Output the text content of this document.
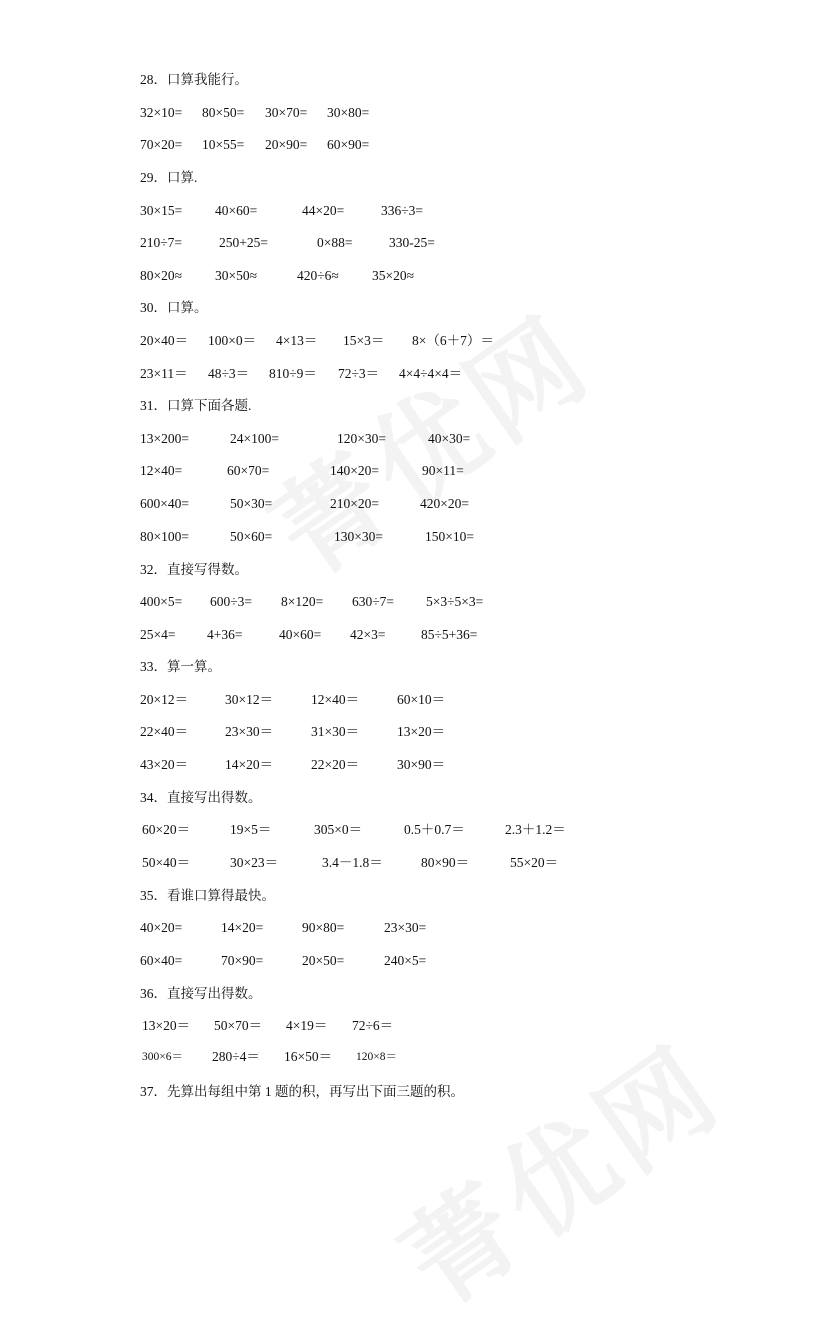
28．口算我能行。
32×10= 80×50= 30×70= 30×80=
70×20= 10×55= 20×90= 60×90=
29．口算.
30×15= 40×60=	44×20=	336÷3=
210÷7=	250+25=	0×88=	330-25=
80×20≈ 30×50≈	420÷6≈ 35×20≈
30．口算。
20×40＝ 100×0＝ 4×13＝ 15×3＝ 8×（6＋7）＝
23×11＝ 48÷3＝ 810÷9＝ 72÷3＝ 4×4÷4×4＝
31．口算下面各题.
13×200=	24×100=	120×30=	40×30=
12×40=	60×70=	140×20=	90×11=
600×40=	50×30=	210×20=	420×20=
80×100=	50×60=	130×30=	150×10=
32．直接写得数。
400×5= 600÷3= 8×120= 630÷7= 5×3÷5×3=
25×4= 4+36=	40×60= 42×3=	85÷5+36=
33．算一算。
20×12＝	30×12＝	12×40＝	60×10＝
22×40＝	23×30＝	31×30＝	13×20＝
43×20＝	14×20＝	22×20＝	30×90＝
34．直接写出得数。
60×20＝	19×5＝	305×0＝	0.5＋0.7＝	2.3＋1.2＝
50×40＝	30×23＝	3.4－1.8＝	80×90＝	55×20＝
35．看谁口算得最快。
40×20=	14×20=	90×80=	23×30=
60×40=	70×90=	20×50=	240×5=
36．直接写出得数。
13×20＝ 50×70＝ 4×19＝ 72÷6＝
300×6＝ 280÷4＝ 16×50＝ 120×8＝
37．先算出每组中第 1 题的积，再写出下面三题的积。
